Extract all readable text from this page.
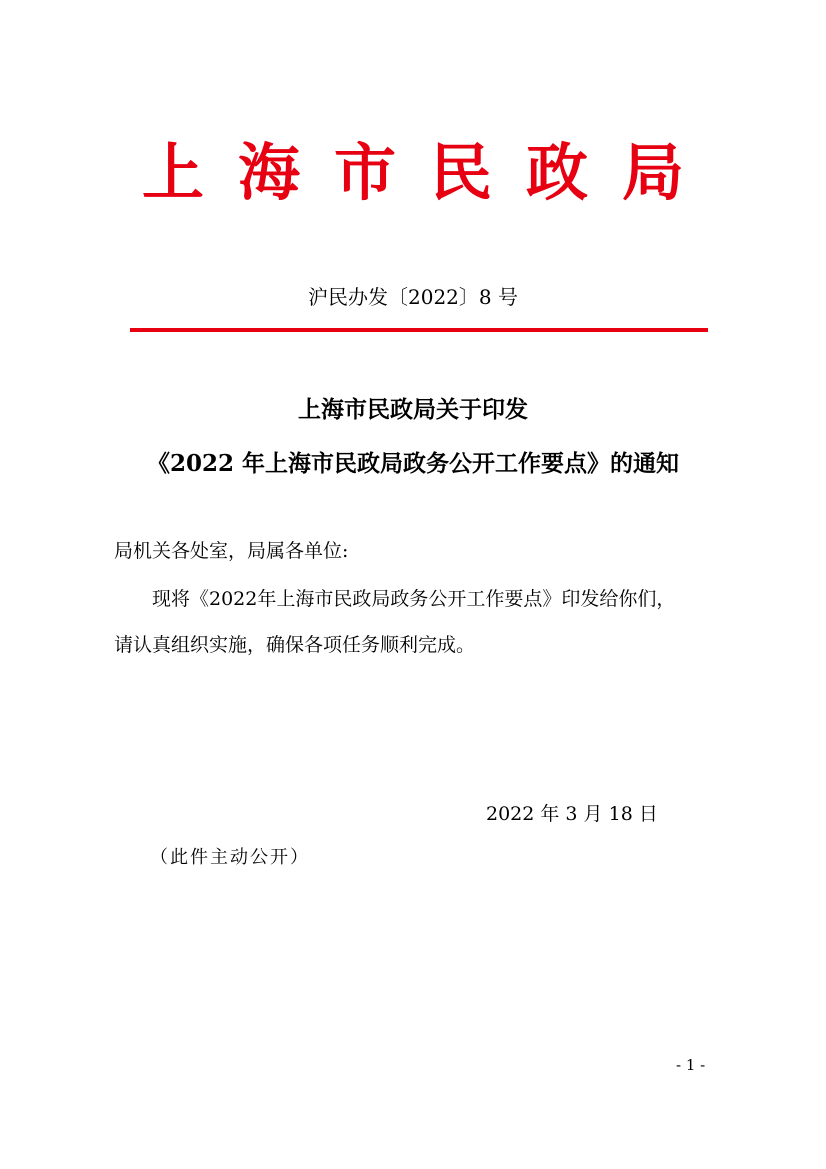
上海市民政局
沪民办发〔2022〕8 号
上海市民政局关于印发
《2022 年上海市民政局政务公开工作要点》的通知
局机关各处室，局属各单位:
现将《2022年上海市民政局政务公开工作要点》印发给你们，
请认真组织实施，确保各项任务顺利完成。
2022 年 3 月 18 日
（此件主动公开）
- 1 -
